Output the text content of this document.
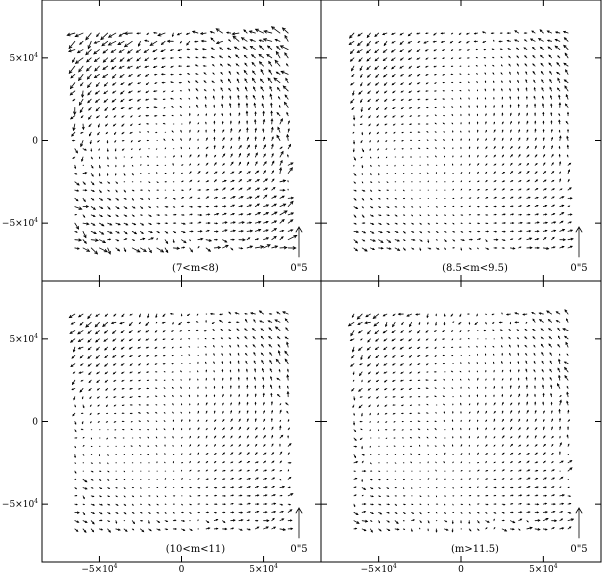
$5\times 10^4$
0
$-5\times 10^4$
0"5
(7<m<8)	0"5
(8.5<m<9.5)
$5\times 10^4$
0
$-5\times 10^4$
$-5\times 10^4$	0	$5\times 10^4$
0"5
(10<m<11)
$-5\times 10^4$	0	$5\times 10^4$
0"5
(m>11.5)
